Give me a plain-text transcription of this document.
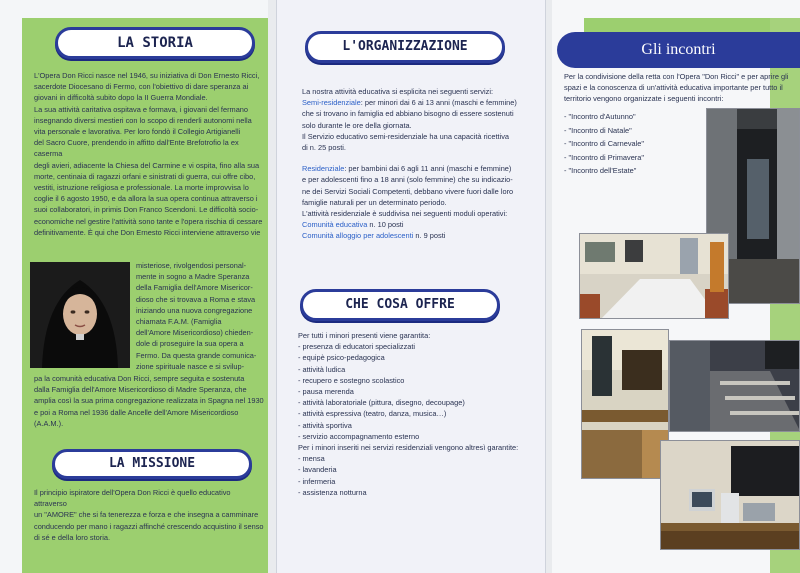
LA STORIA

L'Opera Don Ricci nasce nel 1946, su iniziativa di Don Ernesto Ricci,

sacerdote Diocesano di Fermo, con l'obiettivo di dare speranza ai

giovani in difficoltà subito dopo la II Guerra Mondiale.

La sua attività caritativa ospitava e formava, i giovani del fermano

insegnando diversi mestieri con lo scopo di renderli autonomi nella

vita personale e lavorativa. Per loro fondò il Collegio Artigianelli

del Sacro Cuore, prendendo in affitto dall'Ente Brefotrofio la ex caserma

degli avieri, adiacente la Chiesa del Carmine e vi ospita, fino alla sua

morte, centinaia di ragazzi orfani e sinistrati di guerra, cui offre cibo,

vestiti, istruzione religiosa e professionale. La morte improvvisa lo

coglie il 6 agosto 1950, e da allora la sua opera continua attraverso i

suoi collaboratori, in primis Don Franco Scendoni. Le difficoltà socio-

economiche nel gestire l'attività sono tante e l'opera rischia di cessare

definitivamente. È qui che Don Ernesto Ricci interviene attraverso vie

misteriose, rivolgendosi personal-

mente in sogno a Madre Speranza

della Famiglia dell'Amore Misericor-

dioso che si trovava a Roma e stava

iniziando una nuova congregazione

chiamata F.A.M. (Famiglia

dell'Amore Misericordioso) chieden-

dole di proseguire la sua opera a

Fermo. Da questa grande comunica-

zione spirituale nasce e si svilup-

pa la comunità educativa Don Ricci, sempre seguita e sostenuta

dalla Famiglia dell'Amore Misericordioso di Madre Speranza, che

amplia così la sua prima congregazione realizzata in Spagna nel 1930

e poi a Roma nel 1936 dalle Ancelle dell'Amore Misericordioso

(A.A.M.).

LA MISSIONE

Il principio ispiratore dell'Opera Don Ricci è quello educativo attraverso

un "AMORE" che si fa tenerezza e forza e che insegna a camminare

conducendo per mano i ragazzi affinché crescendo acquistino il senso

di sé e della loro storia.

L'ORGANIZZAZIONE

La nostra attività educativa si esplicita nei seguenti servizi:

Semi-residenziale: per minori dai 6 ai 13 anni (maschi e femmine)

che si trovano in famiglia ed abbiano bisogno di essere sostenuti

solo durante le ore della giornata.

Il Servizio educativo semi-residenziale ha una capacità ricettiva

di n. 25 posti.

Residenziale: per bambini dai 6 agli 11 anni (maschi e femmine)

e per adolescenti fino a 18 anni (solo femmine) che su indicazio-

ne dei Servizi Sociali Competenti, debbano vivere fuori dalle loro

famiglie naturali per un determinato periodo.

L'attività residenziale è suddivisa nei seguenti moduli operativi:

Comunità educativa n. 10 posti

Comunità alloggio per adolescenti n. 9 posti

CHE COSA OFFRE

Per tutti i minori presenti viene garantita:

- presenza di educatori specializzati

- equipè psico-pedagogica

- attività ludica

- recupero e sostegno scolastico

- pausa merenda

- attività laboratoriale (pittura, disegno, decoupage)

- attività espressiva (teatro, danza, musica…)

- attività sportiva

- servizio accompagnamento esterno

Per i minori inseriti nei servizi residenziali vengono altresì garantite:

- mensa

- lavanderia

- infermeria

- assistenza notturna

Gli incontri

Per la condivisione della retta con l'Opera "Don Ricci" e per aprire gli

spazi e la conoscenza di un'attività educativa importante per tutto il

territorio vengono organizzate i seguenti incontri:

- "Incontro d'Autunno"

- "Incontro di Natale"

- "Incontro di Carnevale"

- "Incontro di Primavera"

- "Incontro dell'Estate"
